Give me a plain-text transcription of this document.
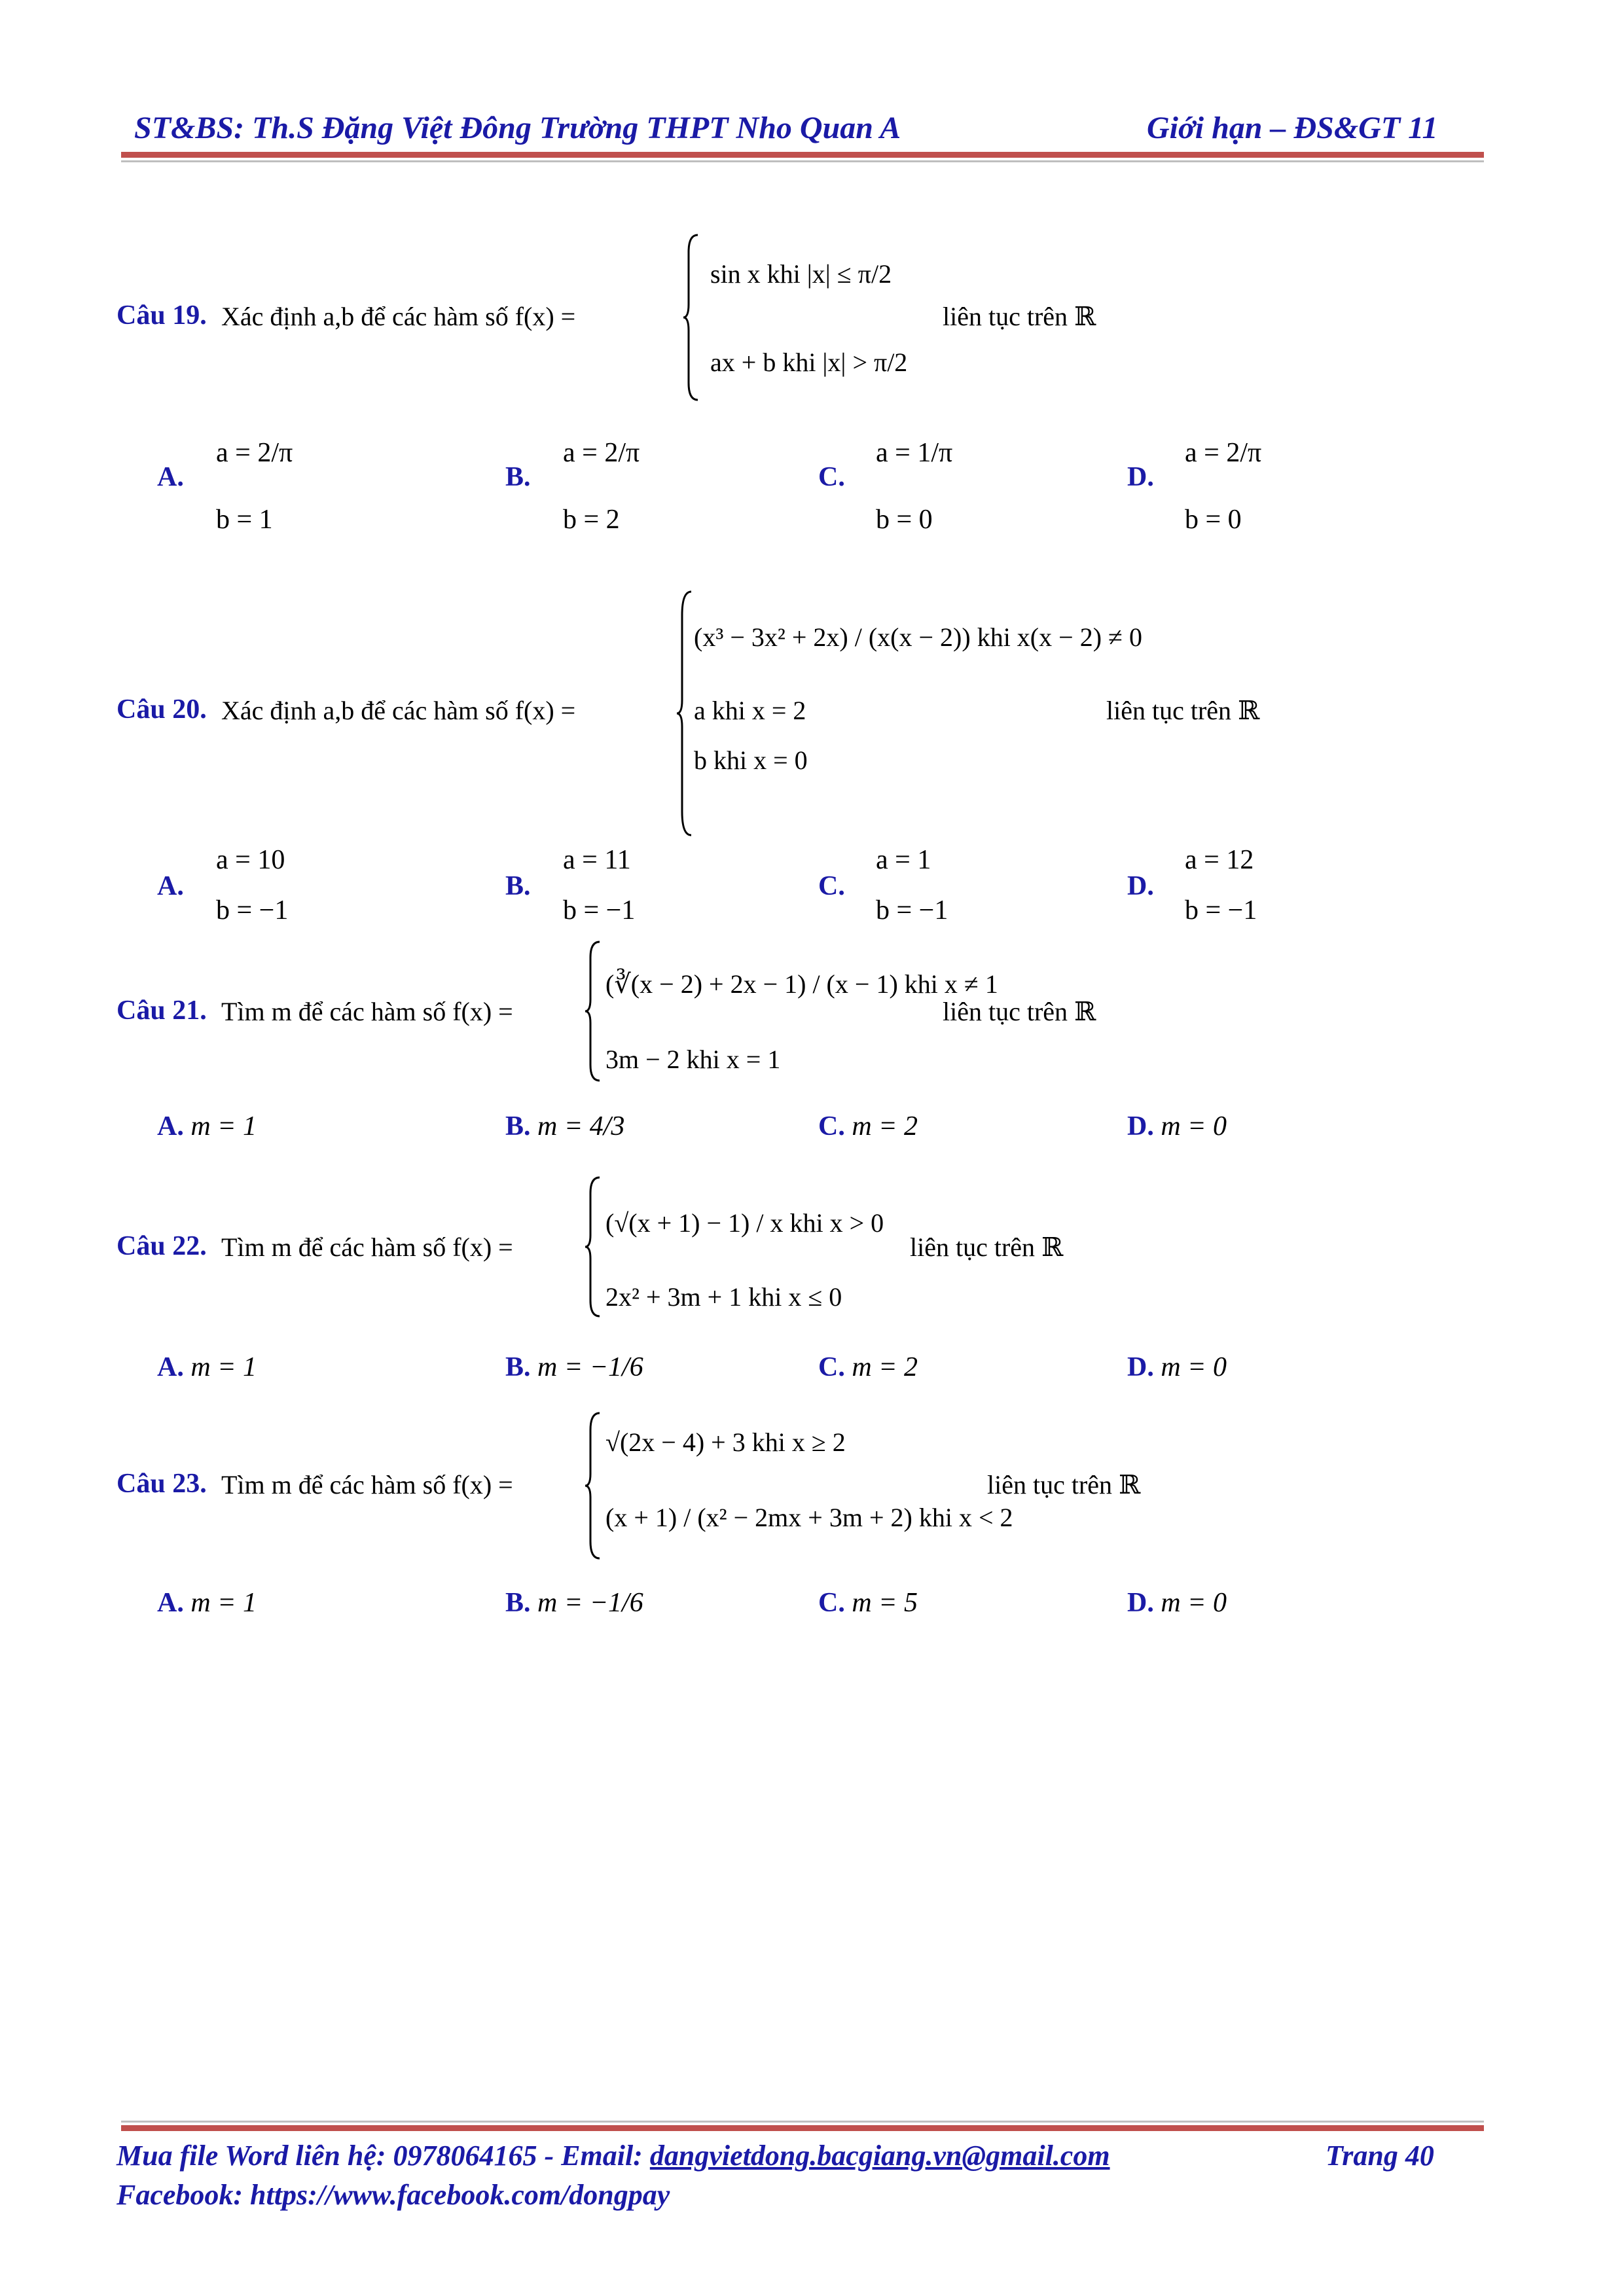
ST&BS: Th.S Đặng Việt Đông Trường THPT Nho Quan A	Giới hạn – ĐS&GT 11
Câu 19. Xác định a,b để các hàm số f(x) =
sin x khi |x| ≤ π/2
ax + b khi |x| > π/2
liên tục trên ℝ
A.
a = 2/π
b = 1
B.
a = 2/π
b = 2
C.
a = 1/π
b = 0
D.
a = 2/π
b = 0
Câu 20. Xác định a,b để các hàm số f(x) =
(x³ − 3x² + 2x) / (x(x − 2)) khi x(x − 2) ≠ 0
a khi x = 2
b khi x = 0
liên tục trên ℝ
A.
a = 10
b = −1
B.
a = 11
b = −1
C.
a = 1
b = −1
D.
a = 12
b = −1
Câu 21. Tìm m để các hàm số f(x) =
(∛(x − 2) + 2x − 1) / (x − 1) khi x ≠ 1
3m − 2 khi x = 1
liên tục trên ℝ
A. m = 1	B. m = 4/3	C. m = 2	D. m = 0
Câu 22. Tìm m để các hàm số f(x) =
(√(x + 1) − 1) / x khi x > 0
2x² + 3m + 1 khi x ≤ 0
liên tục trên ℝ
A. m = 1	B. m = −1/6	C. m = 2	D. m = 0
Câu 23. Tìm m để các hàm số f(x) =
√(2x − 4) + 3 khi x ≥ 2
(x + 1) / (x² − 2mx + 3m + 2) khi x < 2
liên tục trên ℝ
A. m = 1	B. m = −1/6	C. m = 5	D. m = 0
Mua file Word liên hệ: 0978064165 - Email: dangvietdong.bacgiang.vn@gmail.com	Trang 40
Facebook: https://www.facebook.com/dongpay
